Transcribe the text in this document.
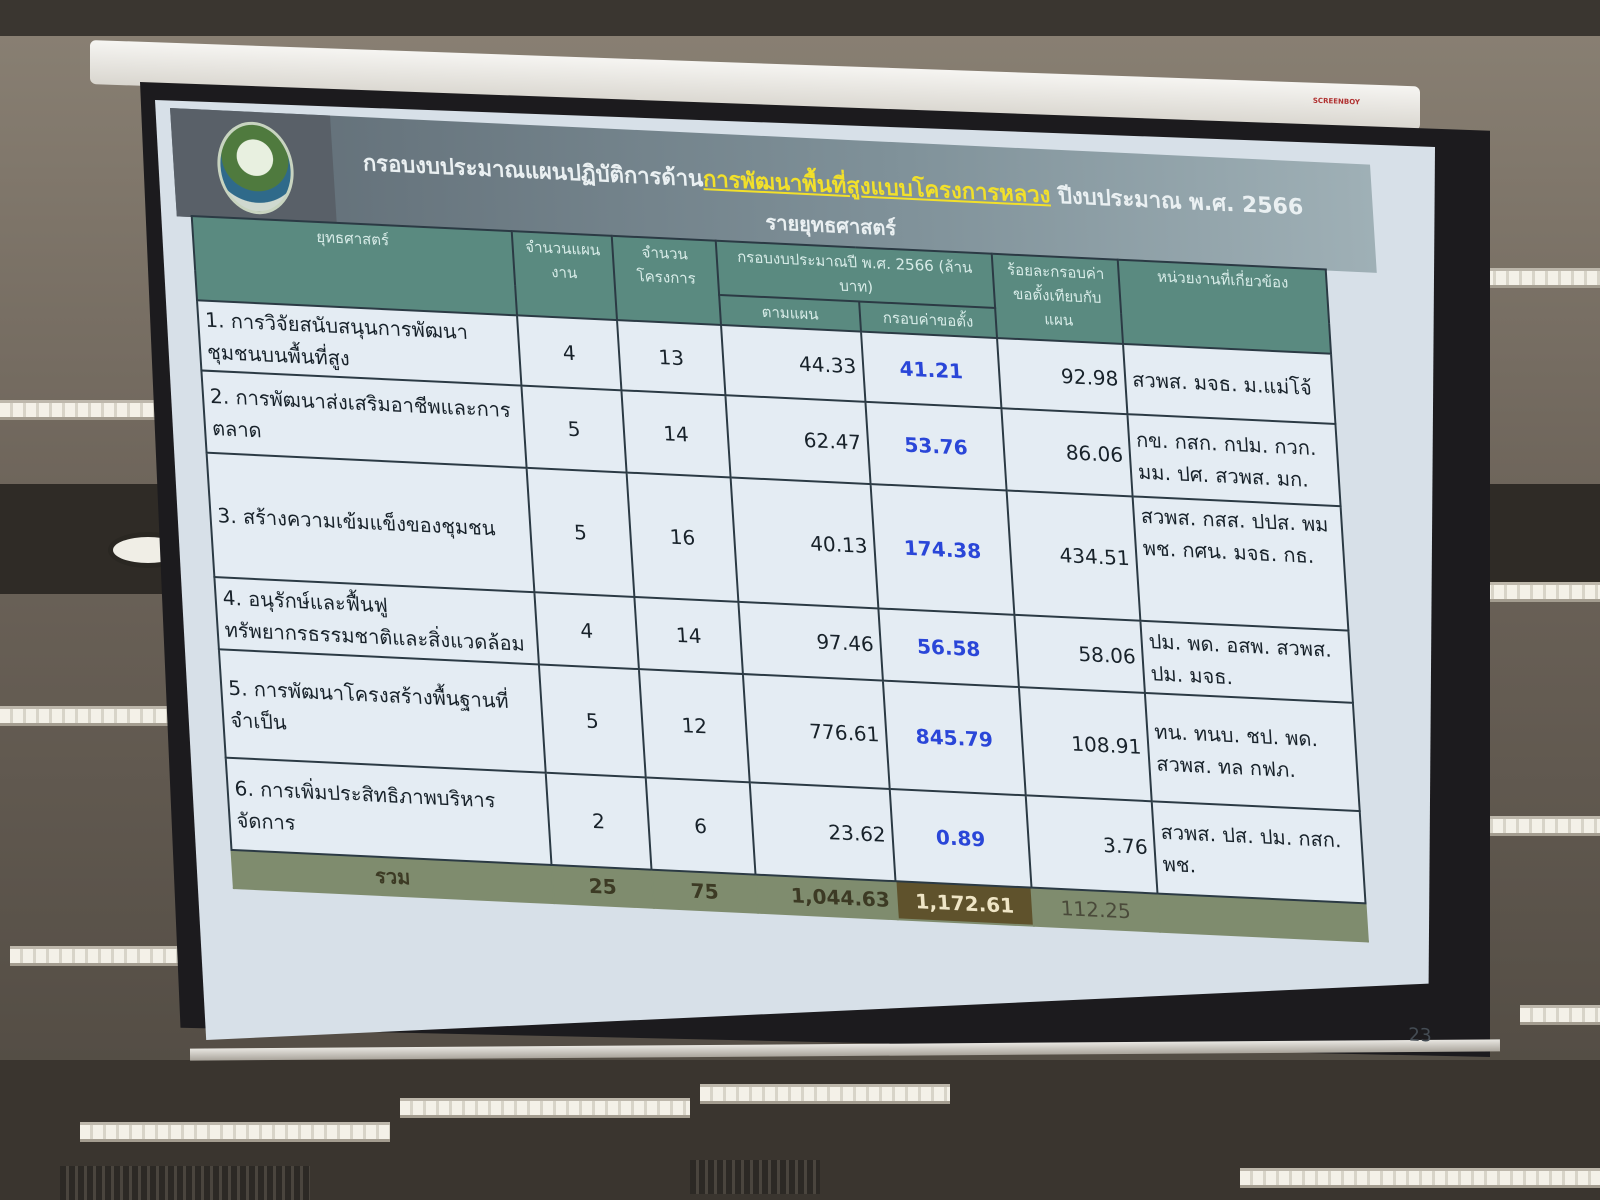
SCREENBOY
กรอบงบประมาณแผนปฏิบัติการด้านการพัฒนาพื้นที่สูงแบบโครงการหลวง ปีงบประมาณ พ.ศ. 2566
รายยุทธศาสตร์
ยุทธศาสตร์	จำนวนแผนงาน	จำนวนโครงการ	กรอบงบประมาณปี พ.ศ. 2566 (ล้านบาท)		ร้อยละกรอบค่าขอตั้งเทียบกับแผน	หน่วยงานที่เกี่ยวข้อง
			ตามแผน	กรอบค่าขอตั้ง		
1. การวิจัยสนับสนุนการพัฒนาชุมชนบนพื้นที่สูง	4	13	44.33	41.21	92.98	สวพส. มจธ. ม.แม่โจ้
2. การพัฒนาส่งเสริมอาชีพและการตลาด	5	14	62.47	53.76	86.06	กข. กสก. กปม. กวก. มม. ปศ. สวพส. มก.
3. สร้างความเข้มแข็งของชุมชน	5	16	40.13	174.38	434.51	สวพส. กสส. ปปส. พม พช. กศน. มจธ. กธ.
4. อนุรักษ์และฟื้นฟูทรัพยากรธรรมชาติและสิ่งแวดล้อม	4	14	97.46	56.58	58.06	ปม. พด. อสพ. สวพส. ปม. มจธ.
5. การพัฒนาโครงสร้างพื้นฐานที่จำเป็น	5	12	776.61	845.79	108.91	ทน. ทนบ. ชป. พด. สวพส. ทล กฟภ.
6. การเพิ่มประสิทธิภาพบริหารจัดการ	2	6	23.62	0.89	3.76	สวพส. ปส. ปม. กสก. พช.
รวม	25	75	1,044.63	1,172.61	112.25	
23
